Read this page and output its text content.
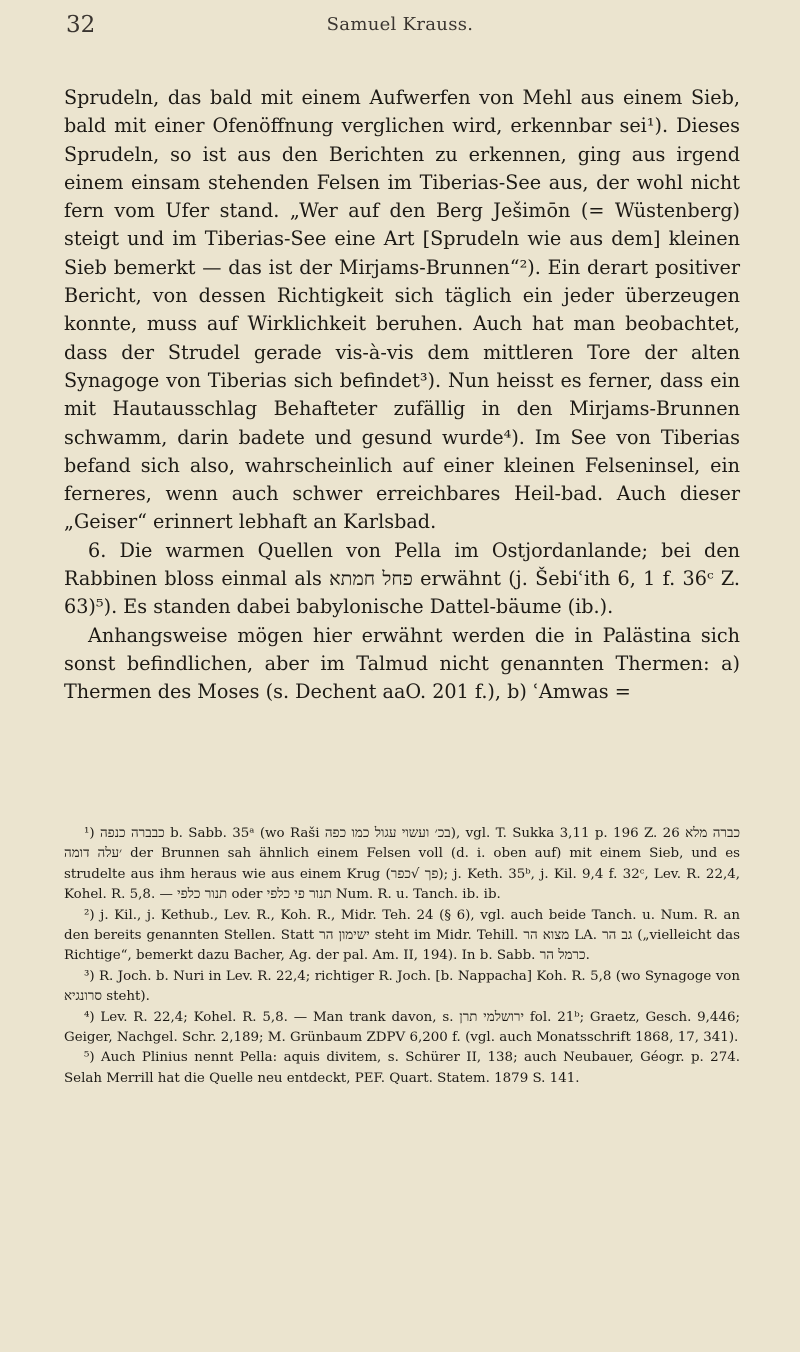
32	Samuel Krauss.

Sprudeln, das bald mit einem Aufwerfen von Mehl aus einem Sieb, bald mit einer Ofenöffnung verglichen wird, erkennbar sei¹). Dieses Sprudeln, so ist aus den Berichten zu erkennen, ging aus irgend einem einsam stehenden Felsen im Tiberias-See aus, der wohl nicht fern vom Ufer stand. „Wer auf den Berg Ješimōn (= Wüstenberg) steigt und im Tiberias-See eine Art [Sprudeln wie aus dem] kleinen Sieb bemerkt — das ist der Mirjams-Brunnen“²). Ein derart positiver Bericht, von dessen Richtigkeit sich täglich ein jeder überzeugen konnte, muss auf Wirklichkeit beruhen. Auch hat man beobachtet, dass der Strudel gerade vis-à-vis dem mittleren Tore der alten Synagoge von Tiberias sich befindet³). Nun heisst es ferner, dass ein mit Hautausschlag Behafteter zufällig in den Mirjams-Brunnen schwamm, darin badete und gesund wurde⁴). Im See von Tiberias befand sich also, wahrscheinlich auf einer kleinen Felseninsel, ein ferneres, wenn auch schwer erreichbares Heil-bad. Auch dieser „Geiser“ erinnert lebhaft an Karlsbad.

6. Die warmen Quellen von Pella im Ostjordanlande; bei den Rabbinen bloss einmal als פחל חמתא erwähnt (j. Šebiʿith 6, 1 f. 36ᶜ Z. 63)⁵). Es standen dabei babylonische Dattel-bäume (ib.).

Anhangsweise mögen hier erwähnt werden die in Palästina sich sonst befindlichen, aber im Talmud nicht genannten Thermen: a) Thermen des Moses (s. Dechent aaO. 201 f.), b) ʿAmwas =

¹) כבברה כנפה b. Sabb. 35ᵃ (wo Raši בכ׳ ועשוי עגול כמו כפה), vgl. T. Sukka 3,11 p. 196 Z. 26 כברה מלא ׳עלה דומה der Brunnen sah ähnlich einem Felsen voll (d. i. oben auf) mit einem Sieb, und es strudelte aus ihm heraus wie aus einem Krug (פך √כפר); j. Keth. 35ᵇ, j. Kil. 9,4 f. 32ᶜ, Lev. R. 22,4, Kohel. R. 5,8. — תנור כלפי oder תנור פי כלפי Num. R. u. Tanch. ib. ib.

²) j. Kil., j. Kethub., Lev. R., Koh. R., Midr. Teh. 24 (§ 6), vgl. auch beide Tanch. u. Num. R. an den bereits genannten Stellen. Statt ישימון הר steht im Midr. Tehill. מצוא הר LA. גב הר („vielleicht das Richtige“, bemerkt dazu Bacher, Ag. der pal. Am. II, 194). In b. Sabb. כרמל הר.

³) R. Joch. b. Nuri in Lev. R. 22,4; richtiger R. Joch. [b. Nappacha] Koh. R. 5,8 (wo Synagoge von סרונגיא steht).

⁴) Lev. R. 22,4; Kohel. R. 5,8. — Man trank davon, s. ירושלמי תרן fol. 21ᵇ; Graetz, Gesch. 9,446; Geiger, Nachgel. Schr. 2,189; M. Grünbaum ZDPV 6,200 f. (vgl. auch Monatsschrift 1868, 17, 341).

⁵) Auch Plinius nennt Pella: aquis divitem, s. Schürer II, 138; auch Neubauer, Géogr. p. 274. Selah Merrill hat die Quelle neu entdeckt, PEF. Quart. Statem. 1879 S. 141.
